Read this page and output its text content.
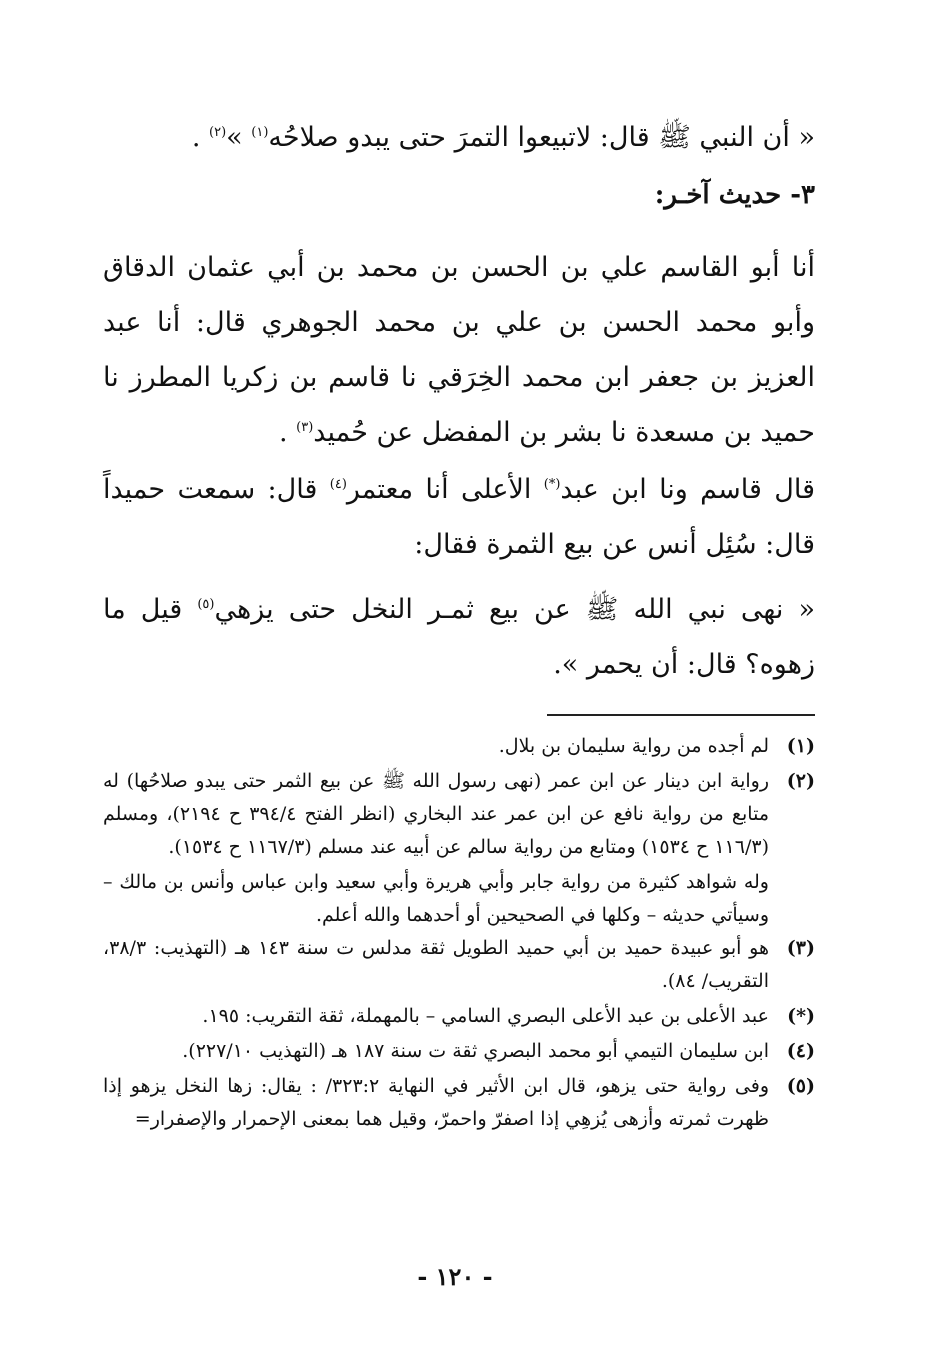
« أن النبي ﷺ قال: لاتبيعوا التمرَ حتى يبدو صلاحُه$^{(١)}$ »$^{(٢)}$ .
٣- حديث آخـر:
أنا أبو القاسم علي بن الحسن بن محمد بن أبي عثمان الدقاق وأبو محمد الحسن بن علي بن محمد الجوهري قال: أنا عبد العزيز بن جعفر ابن محمد الخِرَقي نا قاسم بن زكريا المطرز نا حميد بن مسعدة نا بشر بن المفضل عن حُميد$^{(٣)}$ .
قال قاسم ونا ابن عبد(*) الأعلى أنا معتمر$^{(٤)}$ قال: سمعت حميداً قال: سُئِل أنس عن بيع الثمرة فقال:
« نهى نبي الله ﷺ عن بيع ثمـر النخل حتى يزهي$^{(٥)}$ قيل ما زهوه؟ قال: أن يحمر ».
(١)
لم أجده من رواية سليمان بن بلال.
(٢)
رواية ابن دينار عن ابن عمر (نهى رسول الله ﷺ عن بيع الثمر حتى يبدو صلاحُها) له متابع من رواية نافع عن ابن عمر عند البخاري (انظر الفتح ٣٩٤/٤ ح ٢١٩٤)، ومسلم (١١٦/٣ ح ١٥٣٤) ومتابع من رواية سالم عن أبيه عند مسلم (١١٦٧/٣ ح ١٥٣٤).
وله شواهد كثيرة من رواية جابر وأبي هريرة وأبي سعيد وابن عباس وأنس بن مالك – وسيأتي حديثه – وكلها في الصحيحين أو أحدهما والله أعلم.
(٣)
هو أبو عبيدة حميد بن أبي حميد الطويل ثقة مدلس ت سنة ١٤٣ هـ (التهذيب: ٣٨/٣، التقريب/ ٨٤).
(*)
عبد الأعلى بن عبد الأعلى البصري السامي – بالمهملة، ثقة التقريب: ١٩٥.
(٤)
ابن سليمان التيمي أبو محمد البصري ثقة ت سنة ١٨٧ هـ (التهذيب ٢٢٧/١٠).
(٥)
وفى رواية حتى يزهو، قال ابن الأثير في النهاية ٣٢٣:٢/ : يقال: زها النخل يزهو إذا ظهرت ثمرته وأزهى يُزهِي إذا اصفرّ واحمرّ، وقيل هما بمعنى الإحمرار والإصفرار=
- ١٢٠ -
